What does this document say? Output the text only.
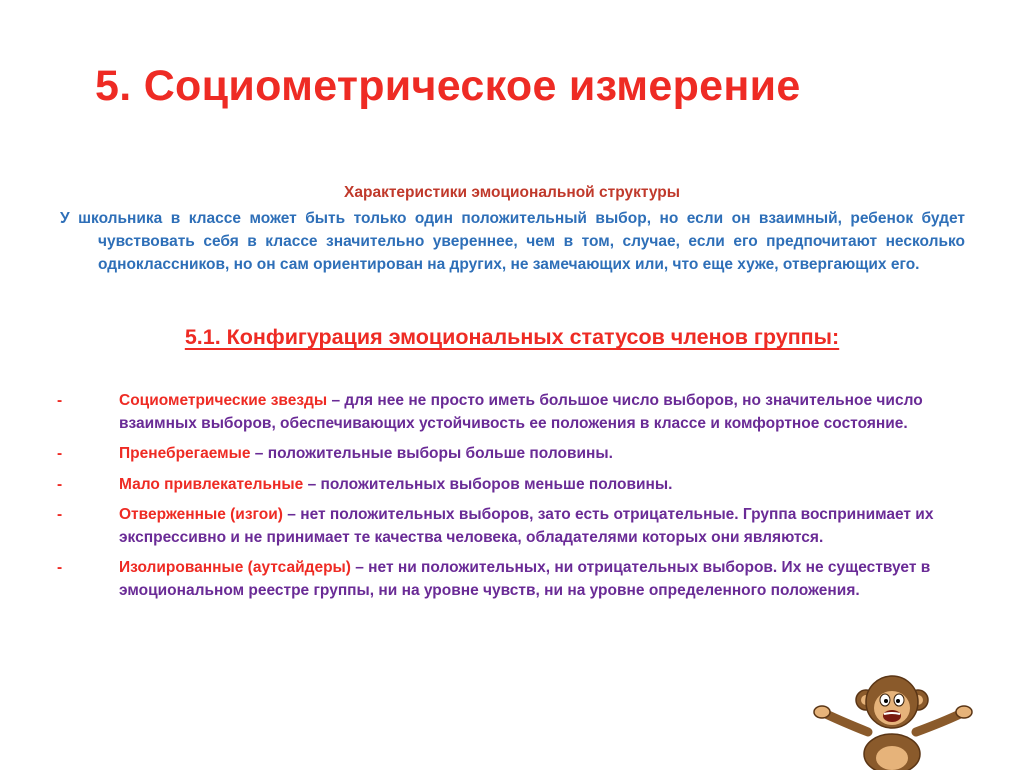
5. Социометрическое измерение
Характеристики эмоциональной структуры

У школьника в классе может быть только один положительный выбор, но если он взаимный, ребенок будет чувствовать себя в классе значительно увереннее, чем в том, случае, если его предпочитают несколько одноклассников, но он сам ориентирован на других, не замечающих или, что еще хуже, отвергающих его.

5.1. Конфигурация эмоциональных статусов членов группы:
-	Социометрические звезды – для нее не просто иметь большое число выборов, но значительное число взаимных выборов, обеспечивающих устойчивость ее положения в классе и комфортное состояние.
-	Пренебрегаемые – положительные выборы больше половины.
-	Мало привлекательные – положительных выборов меньше половины.
-	Отверженные (изгои) – нет положительных выборов, зато есть отрицательные. Группа воспринимает их экспрессивно и не принимает те качества человека, обладателями которых они являются.
-	Изолированные (аутсайдеры) – нет ни положительных, ни отрицательных выборов. Их не существует в эмоциональном реестре группы, ни на уровне чувств, ни на уровне определенного положения.
